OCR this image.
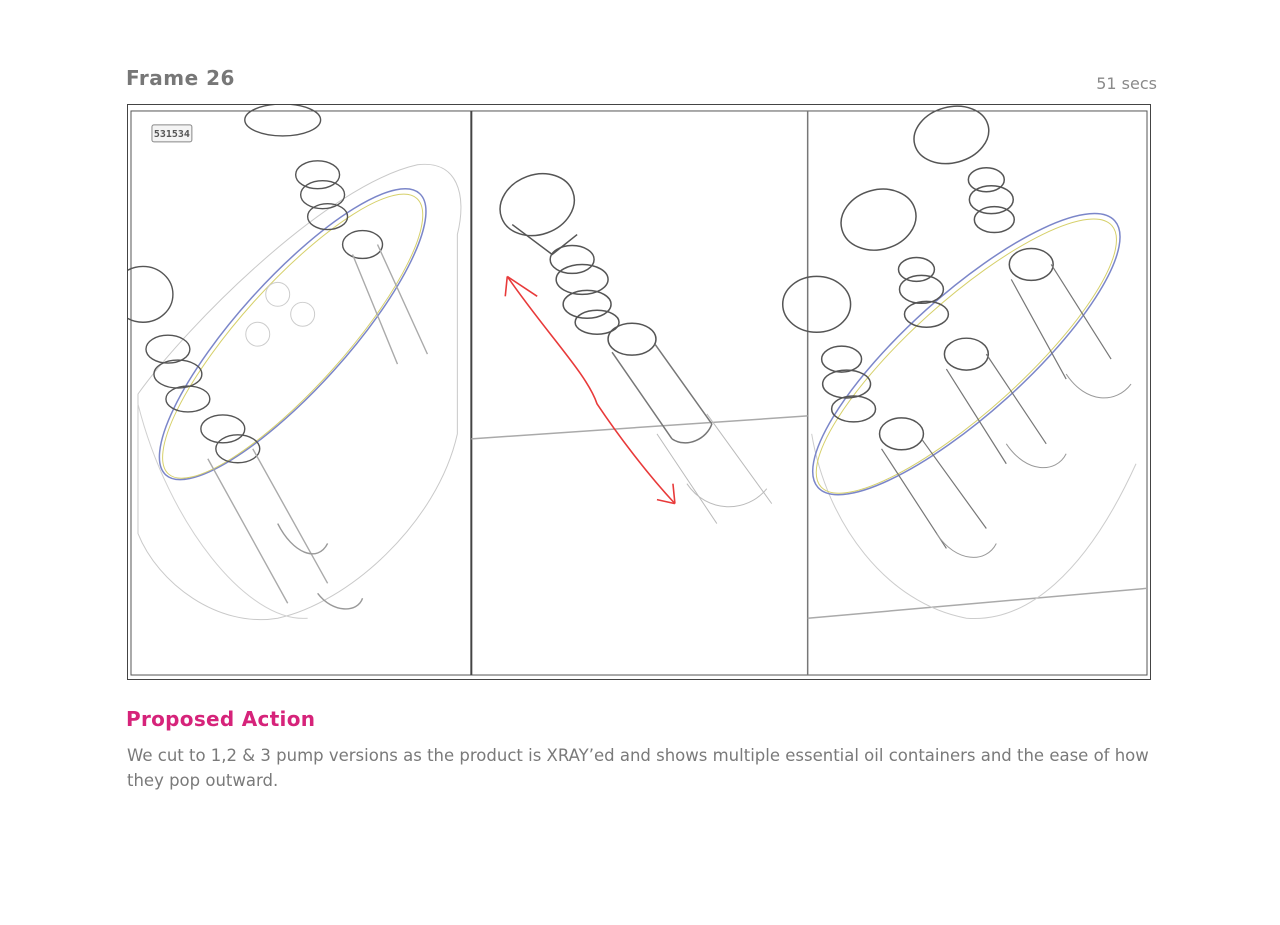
Frame 26	51 secs
531534
Proposed Action
We cut to 1,2 & 3 pump versions as the product is XRAY’ed and shows multiple essential oil containers and the ease of how they pop outward.
